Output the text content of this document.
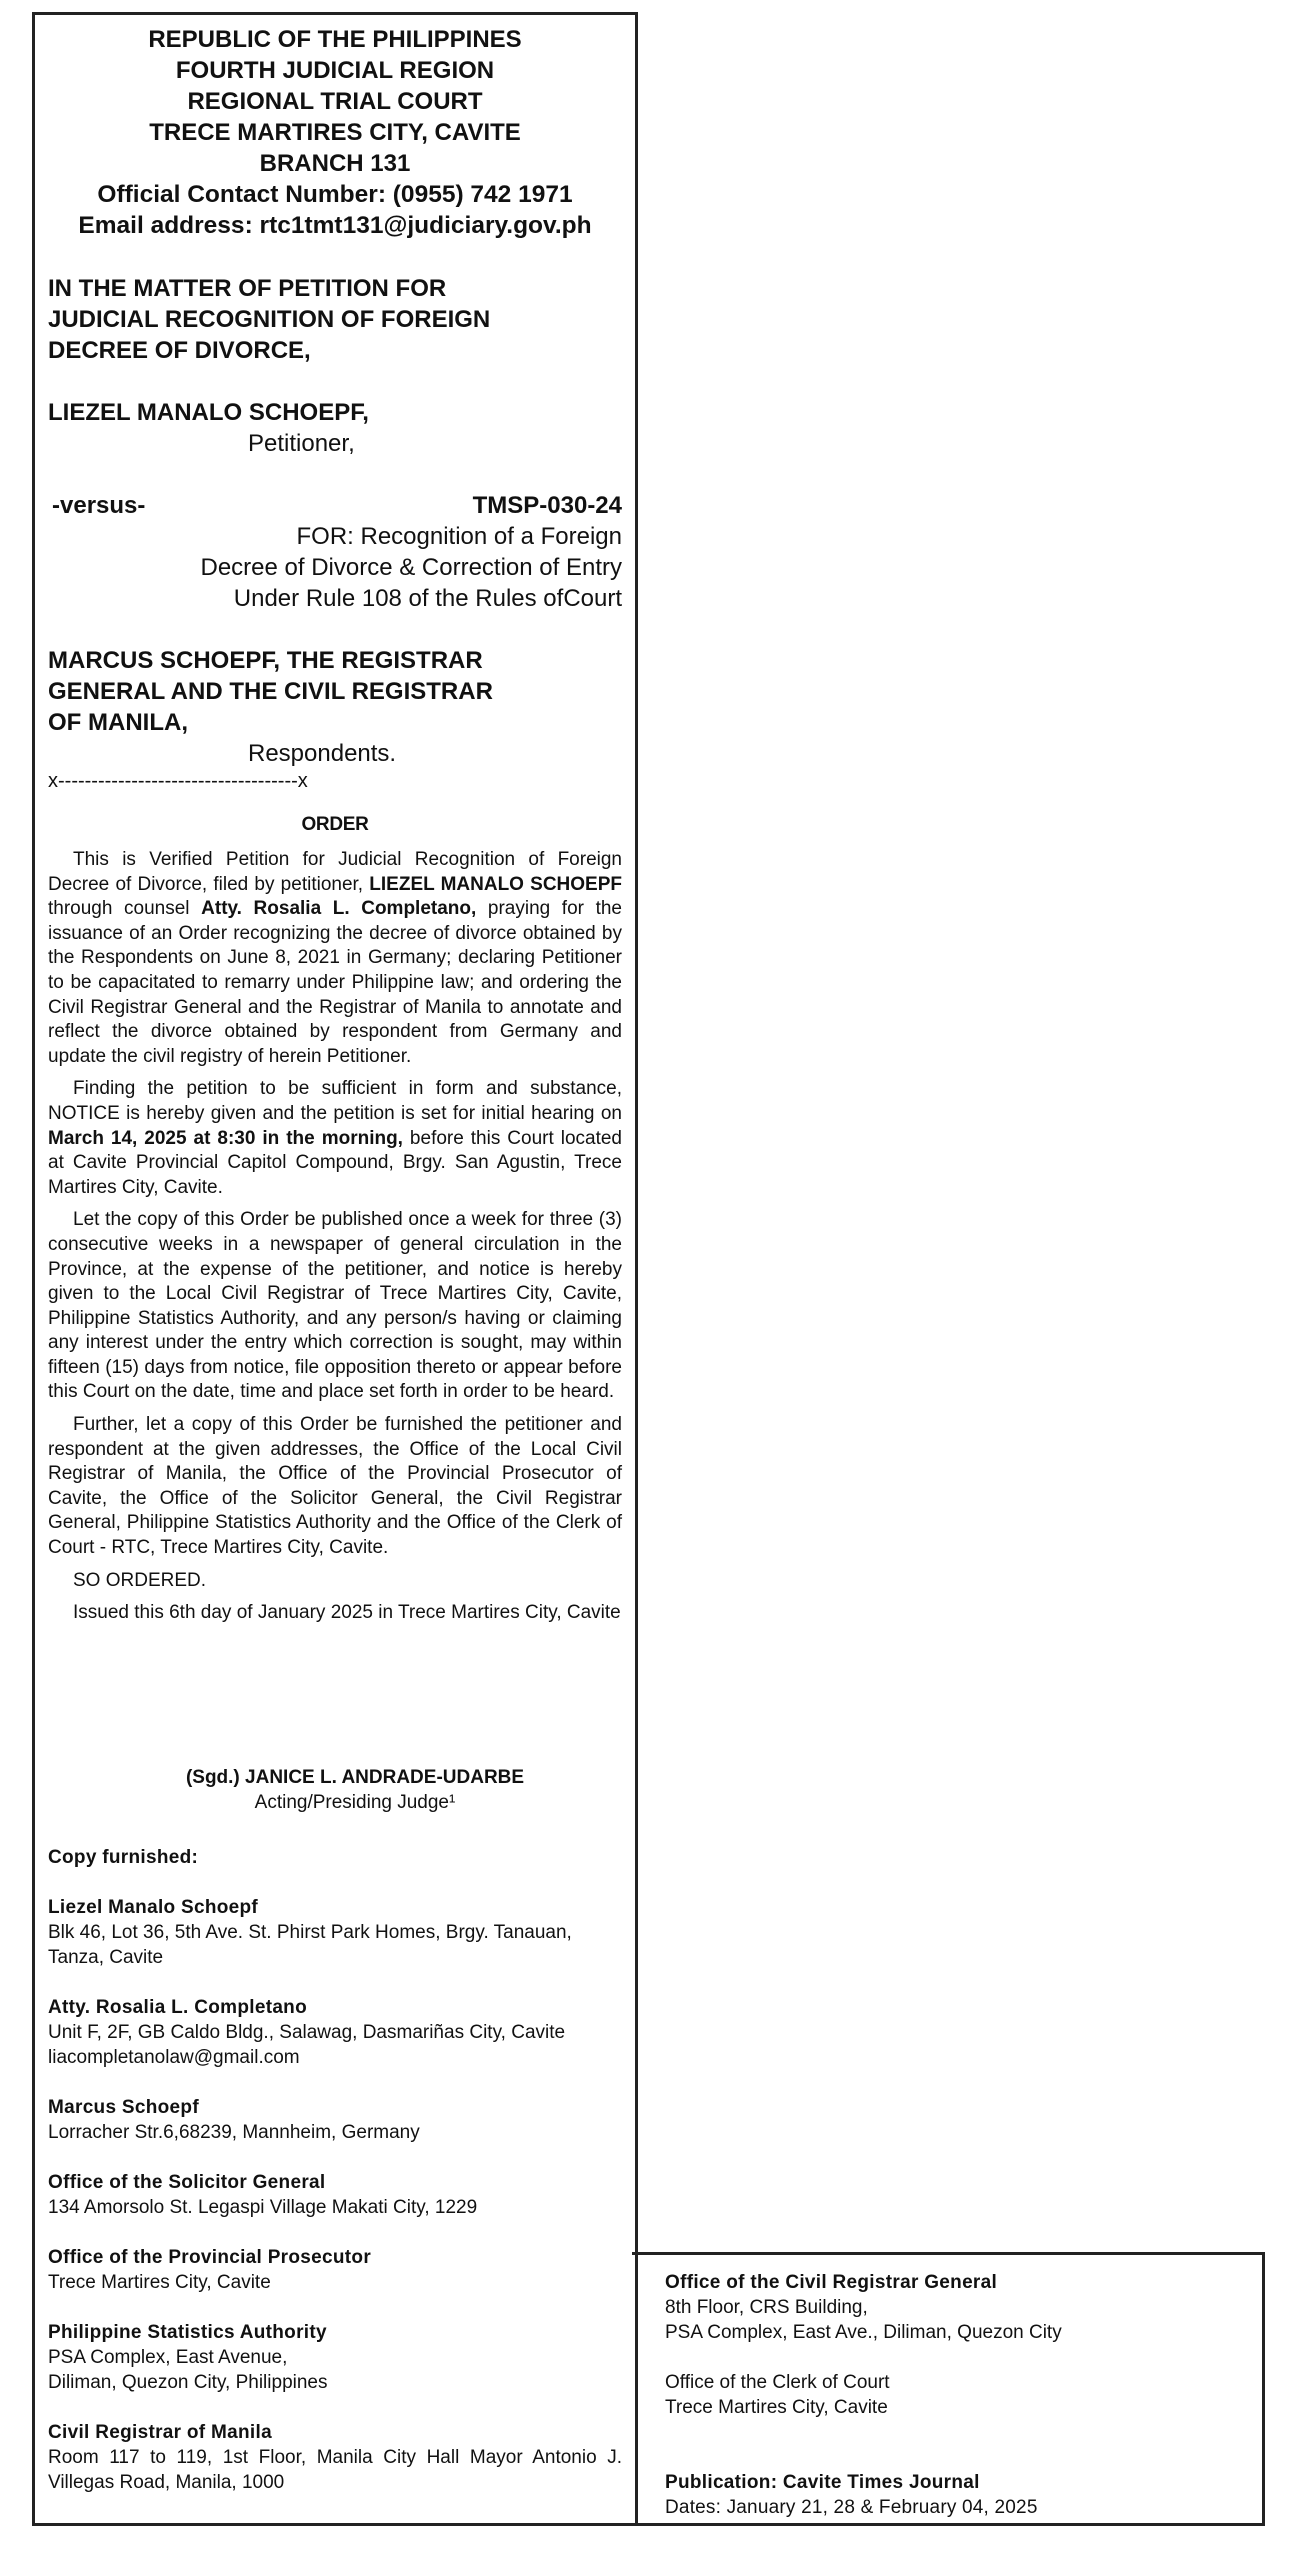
REPUBLIC OF THE PHILIPPINES
FOURTH JUDICIAL REGION
REGIONAL TRIAL COURT
TRECE MARTIRES CITY, CAVITE
BRANCH 131
Official Contact Number: (0955) 742 1971
Email address: rtc1tmt131@judiciary.gov.ph
IN THE MATTER OF PETITION FOR
JUDICIAL RECOGNITION OF FOREIGN
DECREE OF DIVORCE,
LIEZEL MANALO SCHOEPF,
Petitioner,
-versus-	TMSP-030-24
FOR: Recognition of a Foreign
Decree of Divorce & Correction of Entry
Under Rule 108 of the Rules ofCourt
MARCUS SCHOEPF, THE REGISTRAR
GENERAL AND THE CIVIL REGISTRAR
OF MANILA,
Respondents.
x------------------------------------x
ORDER

This is Verified Petition for Judicial Recognition of Foreign Decree of Divorce, filed by petitioner, LIEZEL MANALO SCHOEPF through counsel Atty. Rosalia L. Completano, praying for the issuance of an Order recognizing the decree of divorce obtained by the Respondents on June 8, 2021 in Germany; declaring Petitioner to be capacitated to remarry under Philippine law; and ordering the Civil Registrar General and the Registrar of Manila to annotate and reflect the divorce obtained by respondent from Germany and update the civil registry of herein Petitioner.

Finding the petition to be sufficient in form and substance, NOTICE is hereby given and the petition is set for initial hearing on March 14, 2025 at 8:30 in the morning, before this Court located at Cavite Provincial Capitol Compound, Brgy. San Agustin, Trece Martires City, Cavite.

Let the copy of this Order be published once a week for three (3) consecutive weeks in a newspaper of general circulation in the Province, at the expense of the petitioner, and notice is hereby given to the Local Civil Registrar of Trece Martires City, Cavite, Philippine Statistics Authority, and any person/s having or claiming any interest under the entry which correction is sought, may within fifteen (15) days from notice, file opposition thereto or appear before this Court on the date, time and place set forth in order to be heard.

Further, let a copy of this Order be furnished the petitioner and respondent at the given addresses, the Office of the Local Civil Registrar of Manila, the Office of the Provincial Prosecutor of Cavite, the Office of the Solicitor General, the Civil Registrar General, Philippine Statistics Authority and the Office of the Clerk of Court - RTC, Trece Martires City, Cavite.

SO ORDERED.

Issued this 6th day of January 2025 in Trece Martires City, Cavite

(Sgd.) JANICE L. ANDRADE-UDARBE
Acting/Presiding Judge¹
Copy furnished:
Liezel Manalo Schoepf
Blk 46, Lot 36, 5th Ave. St. Phirst Park Homes, Brgy. Tanauan, Tanza, Cavite
Atty. Rosalia L. Completano
Unit F, 2F, GB Caldo Bldg., Salawag, Dasmariñas City, Cavite
liacompletanolaw@gmail.com
Marcus Schoepf
Lorracher Str.6,68239, Mannheim, Germany
Office of the Solicitor General
134 Amorsolo St. Legaspi Village Makati City, 1229
Office of the Provincial Prosecutor
Trece Martires City, Cavite
Philippine Statistics Authority
PSA Complex, East Avenue,
Diliman, Quezon City, Philippines
Civil Registrar of Manila
Room 117 to 119, 1st Floor, Manila City Hall Mayor Antonio J. Villegas Road, Manila, 1000
Office of the Civil Registrar General
8th Floor, CRS Building,
PSA Complex, East Ave., Diliman, Quezon City
Office of the Clerk of Court
Trece Martires City, Cavite
Publication: Cavite Times Journal
Dates: January 21, 28 & February 04, 2025
